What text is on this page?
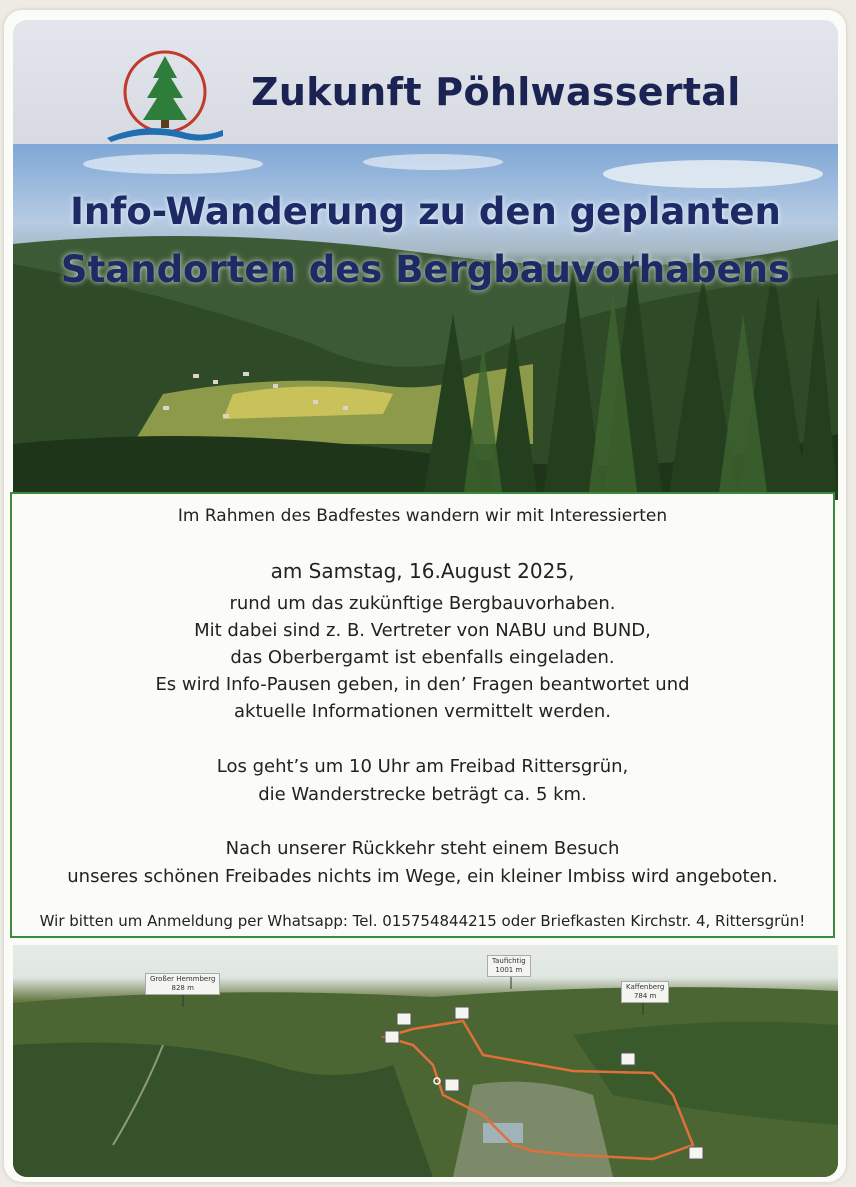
Zukunft Pöhlwassertal
Info-Wanderung zu den geplanten
Standorten des Bergbauvorhabens
Im Rahmen des Badfestes wandern wir mit Interessierten
am Samstag, 16.August 2025,
rund um das zukünftige Bergbauvorhaben.
Mit dabei sind z. B. Vertreter von NABU und BUND,
das Oberbergamt ist ebenfalls eingeladen.
Es wird Info-Pausen geben, in den’ Fragen beantwortet und
aktuelle Informationen vermittelt werden.
Los geht’s um 10 Uhr am Freibad Rittersgrün,
die Wanderstrecke beträgt ca. 5 km.
Nach unserer Rückkehr steht einem Besuch
unseres schönen Freibades nichts im Wege, ein kleiner Imbiss wird angeboten.
Wir bitten um Anmeldung per Whatsapp: Tel. 015754844215 oder Briefkasten Kirchstr. 4, Rittersgrün!
Großer Hemmberg
828 m
Taufichtig
1001 m
Kaffenberg
784 m
